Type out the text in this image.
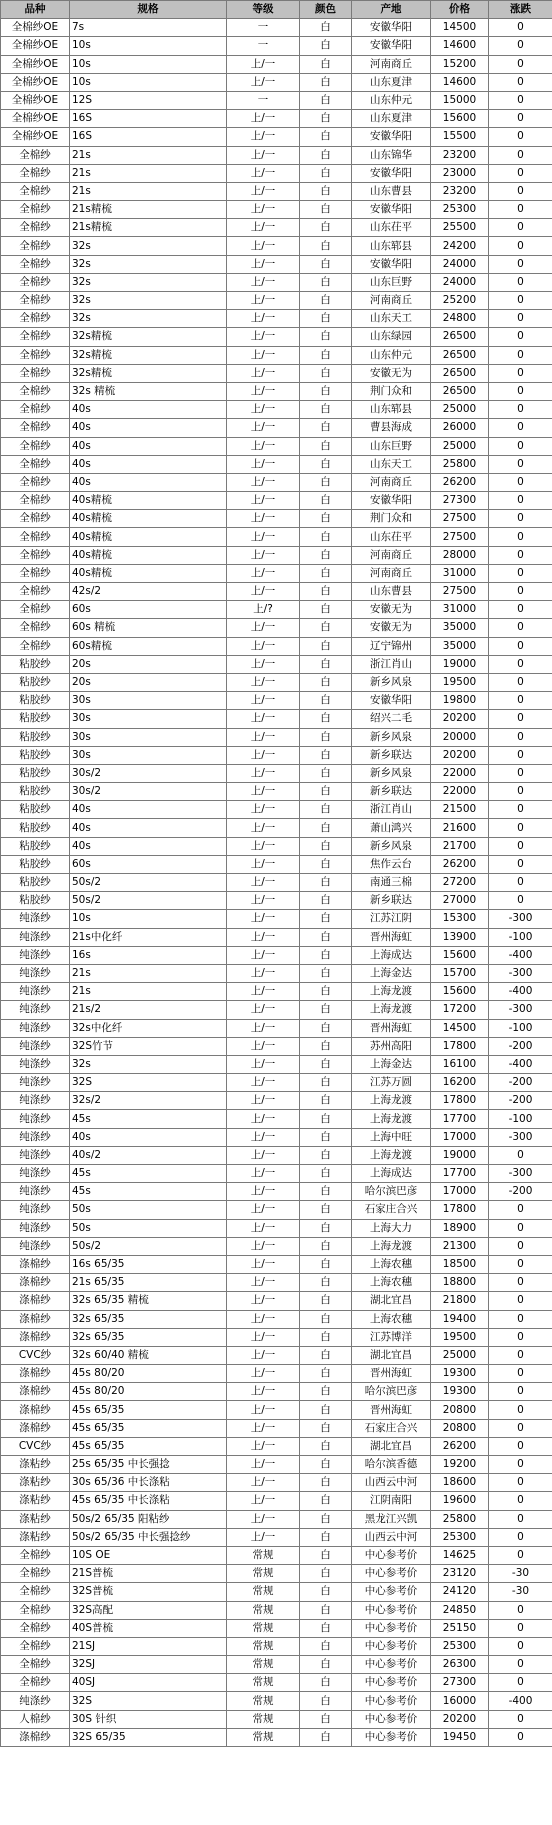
品种	规格	等级	颜色	产地	价格	涨跌
全棉纱OE	7s	一	白	安徽华阳	14500	0
全棉纱OE	10s	一	白	安徽华阳	14600	0
全棉纱OE	10s	上/一	白	河南商丘	15200	0
全棉纱OE	10s	上/一	白	山东夏津	14600	0
全棉纱OE	12S	一	白	山东仲元	15000	0
全棉纱OE	16S	上/一	白	山东夏津	15600	0
全棉纱OE	16S	上/一	白	安徽华阳	15500	0
全棉纱	21s	上/一	白	山东锦华	23200	0
全棉纱	21s	上/一	白	安徽华阳	23000	0
全棉纱	21s	上/一	白	山东曹县	23200	0
全棉纱	21s精梳	上/一	白	安徽华阳	25300	0
全棉纱	21s精梳	上/一	白	山东茌平	25500	0
全棉纱	32s	上/一	白	山东郓县	24200	0
全棉纱	32s	上/一	白	安徽华阳	24000	0
全棉纱	32s	上/一	白	山东巨野	24000	0
全棉纱	32s	上/一	白	河南商丘	25200	0
全棉纱	32s	上/一	白	山东天工	24800	0
全棉纱	32s精梳	上/一	白	山东绿园	26500	0
全棉纱	32s精梳	上/一	白	山东仲元	26500	0
全棉纱	32s精梳	上/一	白	安徽无为	26500	0
全棉纱	32s 精梳	上/一	白	荆门众和	26500	0
全棉纱	40s	上/一	白	山东郓县	25000	0
全棉纱	40s	上/一	白	曹县海成	26000	0
全棉纱	40s	上/一	白	山东巨野	25000	0
全棉纱	40s	上/一	白	山东天工	25800	0
全棉纱	40s	上/一	白	河南商丘	26200	0
全棉纱	40s精梳	上/一	白	安徽华阳	27300	0
全棉纱	40s精梳	上/一	白	荆门众和	27500	0
全棉纱	40s精梳	上/一	白	山东茌平	27500	0
全棉纱	40s精梳	上/一	白	河南商丘	28000	0
全棉纱	40s精梳	上/一	白	河南商丘	31000	0
全棉纱	42s/2	上/一	白	山东曹县	27500	0
全棉纱	60s	上/?	白	安徽无为	31000	0
全棉纱	60s 精梳	上/一	白	安徽无为	35000	0
全棉纱	60s精梳	上/一	白	辽宁锦州	35000	0
粘胶纱	20s	上/一	白	浙江肖山	19000	0
粘胶纱	20s	上/一	白	新乡风泉	19500	0
粘胶纱	30s	上/一	白	安徽华阳	19800	0
粘胶纱	30s	上/一	白	绍兴二毛	20200	0
粘胶纱	30s	上/一	白	新乡风泉	20000	0
粘胶纱	30s	上/一	白	新乡联达	20200	0
粘胶纱	30s/2	上/一	白	新乡风泉	22000	0
粘胶纱	30s/2	上/一	白	新乡联达	22000	0
粘胶纱	40s	上/一	白	浙江肖山	21500	0
粘胶纱	40s	上/一	白	萧山鸿兴	21600	0
粘胶纱	40s	上/一	白	新乡风泉	21700	0
粘胶纱	60s	上/一	白	焦作云台	26200	0
粘胶纱	50s/2	上/一	白	南通三棉	27200	0
粘胶纱	50s/2	上/一	白	新乡联达	27000	0
纯涤纱	10s	上/一	白	江苏江阴	15300	-300
纯涤纱	21s中化纤	上/一	白	晋州海虹	13900	-100
纯涤纱	16s	上/一	白	上海成达	15600	-400
纯涤纱	21s	上/一	白	上海金达	15700	-300
纯涤纱	21s	上/一	白	上海龙渡	15600	-400
纯涤纱	21s/2	上/一	白	上海龙渡	17200	-300
纯涤纱	32s中化纤	上/一	白	晋州海虹	14500	-100
纯涤纱	32S竹节	上/一	白	苏州高阳	17800	-200
纯涤纱	32s	上/一	白	上海金达	16100	-400
纯涤纱	32S	上/一	白	江苏万圆	16200	-200
纯涤纱	32s/2	上/一	白	上海龙渡	17800	-200
纯涤纱	45s	上/一	白	上海龙渡	17700	-100
纯涤纱	40s	上/一	白	上海中旺	17000	-300
纯涤纱	40s/2	上/一	白	上海龙渡	19000	0
纯涤纱	45s	上/一	白	上海成达	17700	-300
纯涤纱	45s	上/一	白	哈尔滨巴彦	17000	-200
纯涤纱	50s	上/一	白	石家庄合兴	17800	0
纯涤纱	50s	上/一	白	上海大力	18900	0
纯涤纱	50s/2	上/一	白	上海龙渡	21300	0
涤棉纱	16s 65/35	上/一	白	上海农穗	18500	0
涤棉纱	21s 65/35	上/一	白	上海农穗	18800	0
涤棉纱	32s 65/35 精梳	上/一	白	湖北宜昌	21800	0
涤棉纱	32s 65/35	上/一	白	上海农穗	19400	0
涤棉纱	32s 65/35	上/一	白	江苏博洋	19500	0
CVC纱	32s 60/40 精梳	上/一	白	湖北宜昌	25000	0
涤棉纱	45s 80/20	上/一	白	晋州海虹	19300	0
涤棉纱	45s 80/20	上/一	白	哈尔滨巴彦	19300	0
涤棉纱	45s 65/35	上/一	白	晋州海虹	20800	0
涤棉纱	45s 65/35	上/一	白	石家庄合兴	20800	0
CVC纱	45s 65/35	上/一	白	湖北宜昌	26200	0
涤粘纱	25s 65/35 中长强捻	上/一	白	哈尔滨香德	19200	0
涤粘纱	30s 65/36 中长涤粘	上/一	白	山西云中河	18600	0
涤粘纱	45s 65/35 中长涤粘	上/一	白	江阴南阳	19600	0
涤粘纱	50s/2 65/35 阳粘纱	上/一	白	黑龙江兴凯	25800	0
涤粘纱	50s/2 65/35 中长强捻纱	上/一	白	山西云中河	25300	0
全棉纱	10S OE	常规	白	中心参考价	14625	0
全棉纱	21S普梳	常规	白	中心参考价	23120	-30
全棉纱	32S普梳	常规	白	中心参考价	24120	-30
全棉纱	32S高配	常规	白	中心参考价	24850	0
全棉纱	40S普梳	常规	白	中心参考价	25150	0
全棉纱	21SJ	常规	白	中心参考价	25300	0
全棉纱	32SJ	常规	白	中心参考价	26300	0
全棉纱	40SJ	常规	白	中心参考价	27300	0
纯涤纱	32S	常规	白	中心参考价	16000	-400
人棉纱	30S 针织	常规	白	中心参考价	20200	0
涤棉纱	32S 65/35	常规	白	中心参考价	19450	0
